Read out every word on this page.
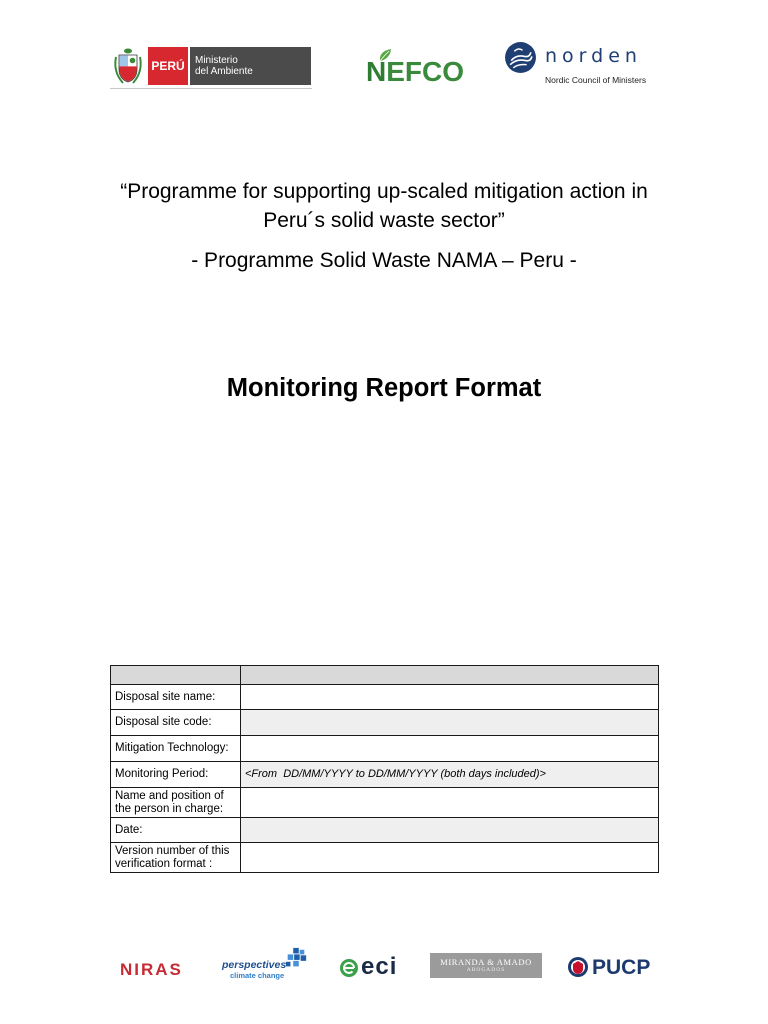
PERÚ	Ministerio
del Ambiente	NEFCO	norden
Nordic Council of Ministers
“Programme for supporting up-scaled mitigation action in
Peru´s solid waste sector”
- Programme Solid Waste NAMA – Peru -
Monitoring Report Format

Disposal site name:	
Disposal site code:	
Mitigation Technology:	
Monitoring Period:	<From  DD/MM/YYYY to DD/MM/YYYY (both days included)>
Name and position of the person in charge:	
Date:	
Version number of this verification format :	
NIRAS	perspectives
climate change	eci	MIRANDA & AMADO
ABOGADOS	PUCP
